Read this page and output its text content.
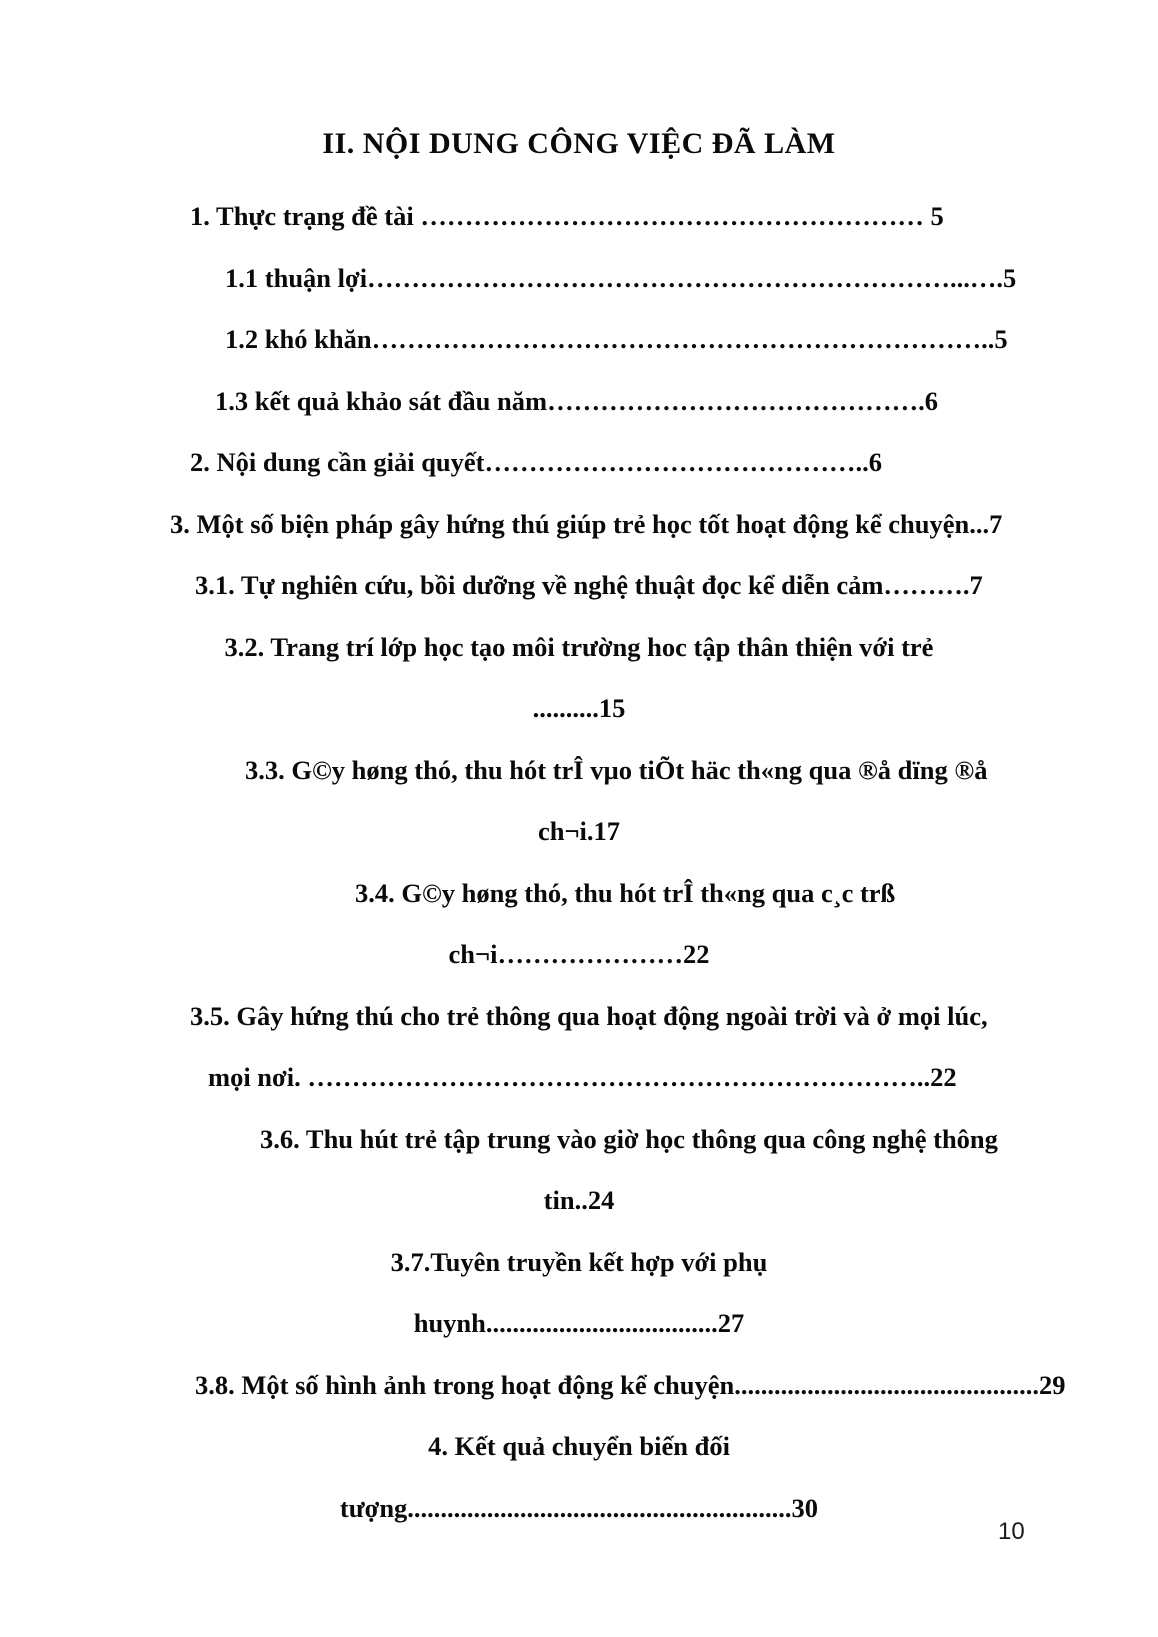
II. NỘI DUNG CÔNG VIỆC ĐÃ LÀM
1. Thực trạng đề tài ………………………………………………… 5
1.1 thuận lợi…………………………………………………………...….5
1.2 khó khăn……………………………………………………………..5
1.3 kết quả khảo sát đầu năm…………………………………….6
2. Nội dung cần giải quyết……………………………………..6
3. Một số biện pháp gây hứng thú giúp trẻ học tốt hoạt động kể chuyện...7
3.1. Tự nghiên cứu, bồi dưỡng về nghệ thuật đọc kể diễn cảm……….7
3.2. Trang trí lớp học tạo môi trường hoc tập thân thiện với trẻ
..........15
3.3. G©y høng thó, thu hót trÎ vµo tiÕt häc th«ng qua ®å dïng ®å
ch¬i.17
3.4. G©y høng thó, thu hót trÎ th«ng qua c¸c trß
ch¬i…………………22
3.5. Gây hứng thú cho trẻ thông qua hoạt động ngoài trời và ở mọi lúc,
mọi nơi. ……………………………………………………………..22
3.6. Thu hút trẻ tập trung vào giờ học thông qua công nghệ thông
tin..24
3.7.Tuyên truyền kết hợp với phụ
huynh...................................27
3.8. Một số hình ảnh trong hoạt động kể chuyện..............................................29
4. Kết quả chuyển biến đối
tượng..........................................................30
10
